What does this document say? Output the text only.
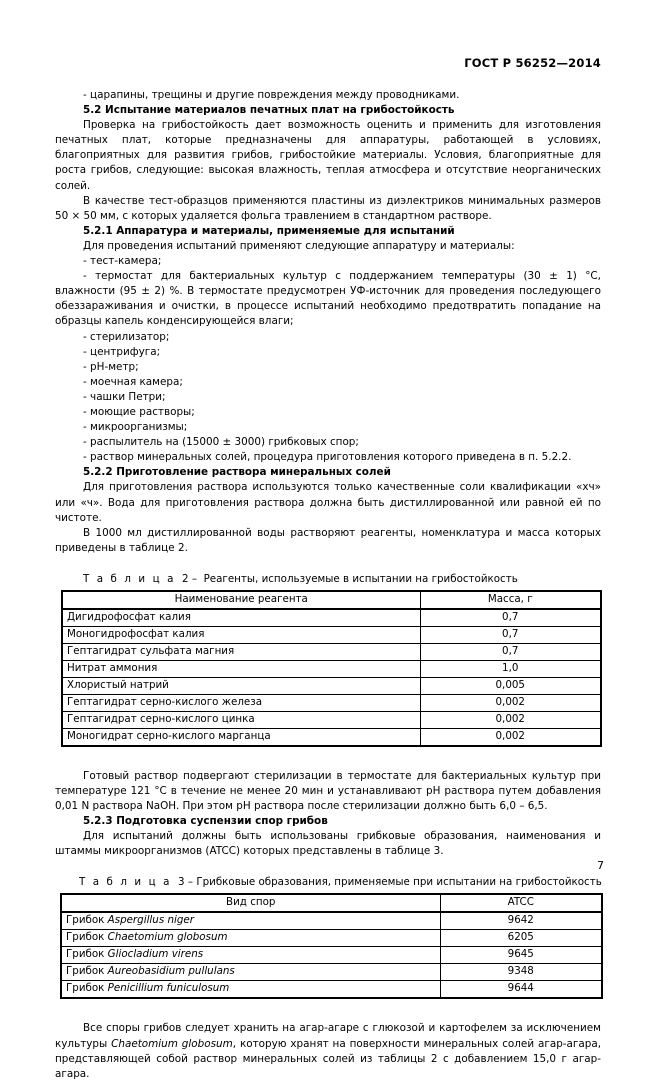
ГОСТ Р 56252—2014

- царапины, трещины и другие повреждения между проводниками.

5.2 Испытание материалов печатных плат на грибостойкость

Проверка на грибостойкость дает возможность оценить и применить для изготовления печатных плат, которые предназначены для аппаратуры, работающей в условиях, благоприятных для развития грибов, грибостойкие материалы. Условия, благоприятные для роста грибов, следующие: высокая влажность, теплая атмосфера и отсутствие неорганических солей.

В качестве тест-образцов применяются пластины из диэлектриков минимальных размеров 50 × 50 мм, с которых удаляется фольга травлением в стандартном растворе.

5.2.1 Аппаратура и материалы, применяемые для испытаний

Для проведения испытаний применяют следующие аппаратуру и материалы:

- тест-камера;

- термостат для бактериальных культур с поддержанием температуры (30 ± 1) °С, влажности (95 ± 2) %. В термостате предусмотрен УФ-источник для проведения последующего обеззараживания и очистки, в процессе испытаний необходимо предотвратить попадание на образцы капель конденсирующейся влаги;

- стерилизатор;

- центрифуга;

- pH-метр;

- моечная камера;

- чашки Петри;

- моющие растворы;

- микроорганизмы;

- распылитель на (15000 ± 3000) грибковых спор;

- раствор минеральных солей, процедура приготовления которого приведена в п. 5.2.2.

5.2.2 Приготовление раствора минеральных солей

Для приготовления раствора используются только качественные соли квалификации «хч» или «ч». Вода для приготовления раствора должна быть дистиллированной или равной ей по чистоте.

В 1000 мл дистиллированной воды растворяют реагенты, номенклатура и масса которых приведены в таблице 2.

Т а б л и ц а 2 – Реагенты, используемые в испытании на грибостойкость
Наименование реагента	Масса, г
Дигидрофосфат калия	0,7
Моногидрофосфат калия	0,7
Гептагидрат сульфата магния	0,7
Нитрат аммония	1,0
Хлористый натрий	0,005
Гептагидрат серно-кислого железа	0,002
Гептагидрат серно-кислого цинка	0,002
Моногидрат серно-кислого марганца	0,002

Готовый раствор подвергают стерилизации в термостате для бактериальных культур при температуре 121 °С в течение не менее 20 мин и устанавливают pH раствора путем добавления 0,01 N раствора NaOH. При этом pH раствора после стерилизации должно быть 6,0 – 6,5.

5.2.3 Подготовка суспензии спор грибов

Для испытаний должны быть использованы грибковые образования, наименования и штаммы микроорганизмов (ATCC) которых представлены в таблице 3.

Т а б л и ц а 3 – Грибковые образования, применяемые при испытании на грибостойкость
Вид спор	ATCC
Грибок Aspergillus niger	9642
Грибок Chaetomium globosum	6205
Грибок Gliocladium virens	9645
Грибок Aureobasidium pullulans	9348
Грибок Penicillium funiculosum	9644

Все споры грибов следует хранить на агар-агаре с глюкозой и картофелем за исключением культуры Chaetomium globosum, которую хранят на поверхности минеральных солей агар-агара, представляющей собой раствор минеральных солей из таблицы 2 с добавлением 15,0 г агар-агара.

7
